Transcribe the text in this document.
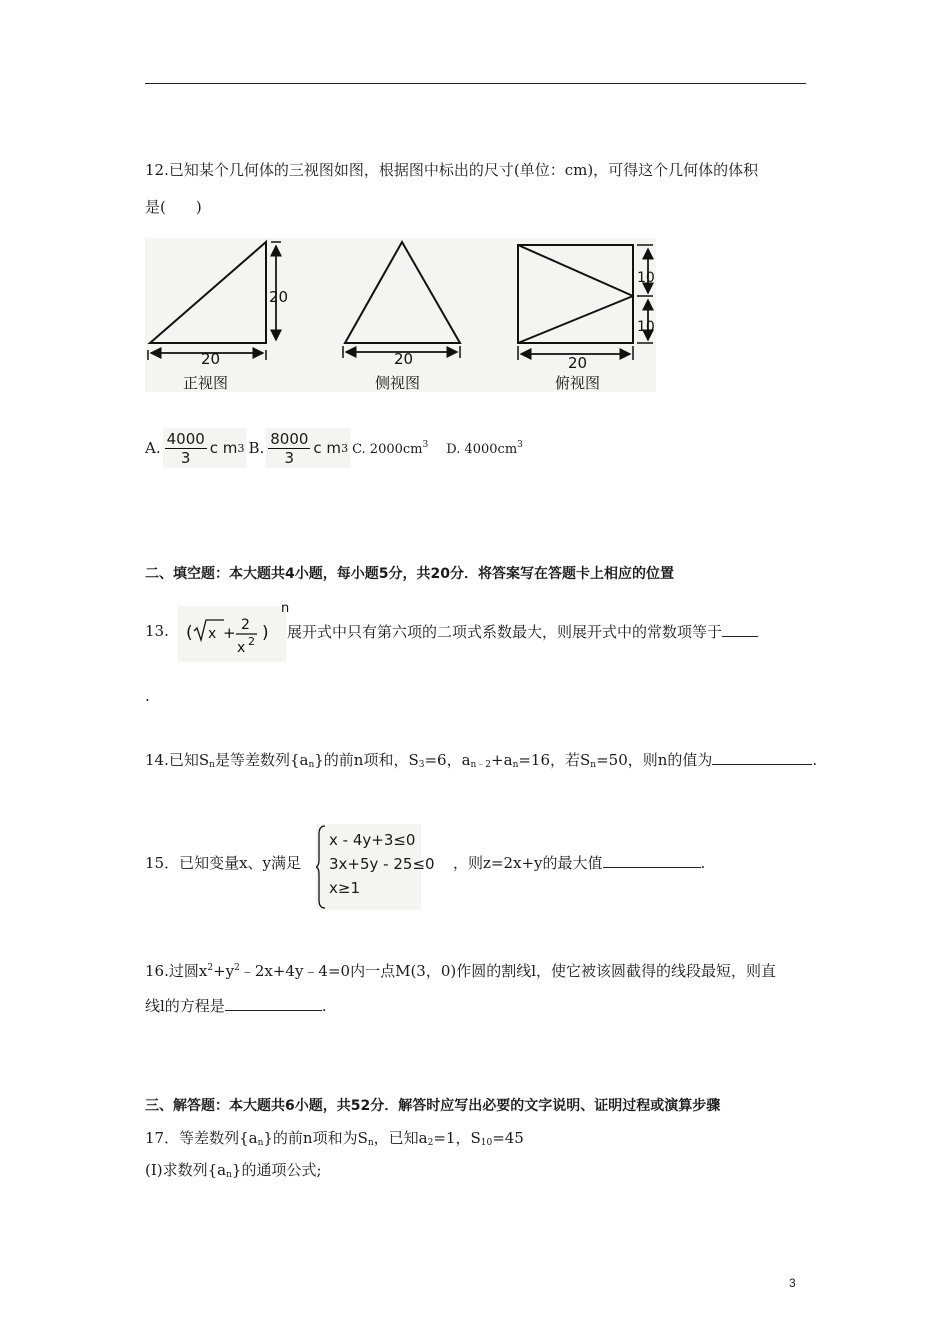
12.已知某个几何体的三视图如图，根据图中标出的尺寸(单位：cm)，可得这个几何体的体积
是(　　)
20
20
正视图
20
侧视图
10
10
20
俯视图
A. $\frac{4000}{3}$ c m 3 B. $\frac{8000}{3}$ c m 3 C. $2000cm^3$ D. $4000cm^3$
二、填空题：本大题共4小题，每小题5分，共20分．将答案写在答题卡上相应的位置
13. ( x + 2
x 2 )
n
展开式中只有第六项的二项式系数最大，则展开式中的常数项等于
.
14.已知$S_n$是等差数列$\{a_n\}$的前n项和，$S_3=6$，$a_{n﹣2}+a_n=16$，若$S_n=50$，则n的值为	.
15．已知变量x、y满足
x - 4y+3≤0
3x+5y - 25≤0
x≥1
，则z=2x+y的最大值	.
16.过圆$x^2+y^2﹣2x+4y﹣4=0$内一点M(3，0)作圆的割线l，使它被该圆截得的线段最短，则直
线l的方程是	.
三、解答题：本大题共6小题，共52分．解答时应写出必要的文字说明、证明过程或演算步骤
17．等差数列$\{a_n\}$的前n项和为$S_n$，已知$a_2=1$，$S_{10}=45$
(Ⅰ)求数列$\{a_n\}$的通项公式;
3
